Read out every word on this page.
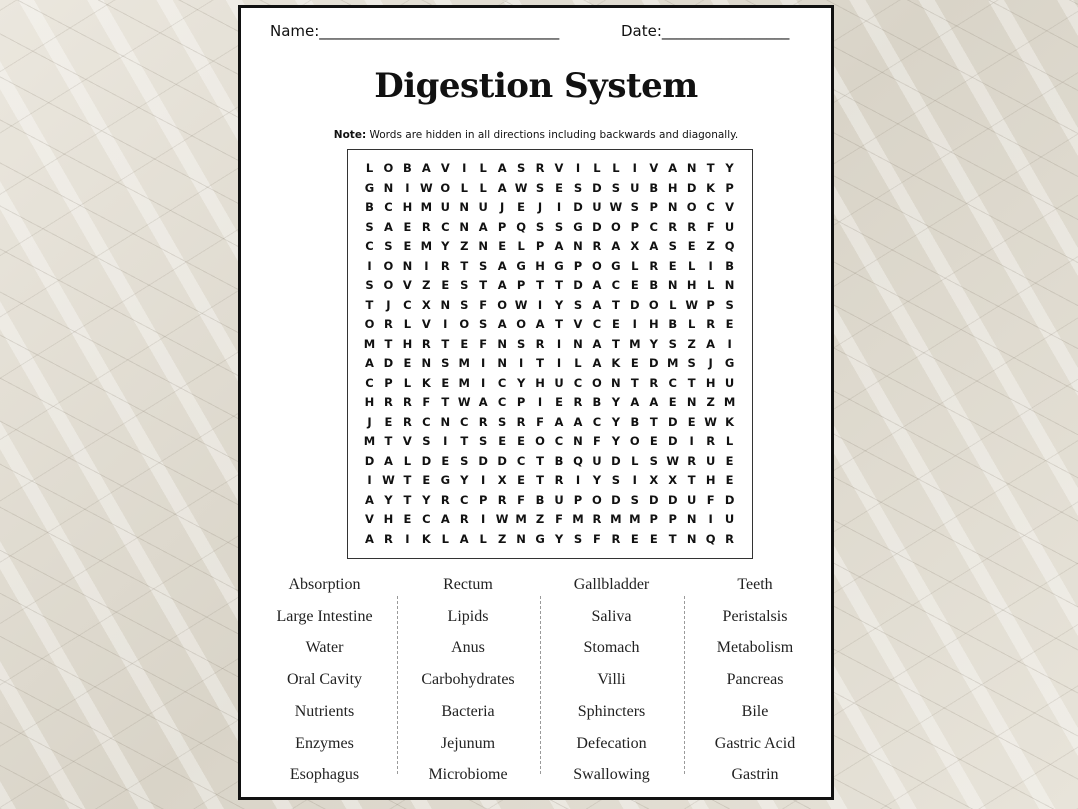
Name:________________________________	Date:_________________
Digestion System
Note: Words are hidden in all directions including backwards and diagonally.
L O B A V	I	L A S R V	I	L	L	I	V A N T Y
G N	I W O L	L A W S E S D S U B H D K P
B C H M U N U	J	E	J	I	D U W S P N O C V
S A E R C N A P Q S S G D O P C R R F U
C S E M Y Z N E L P A N R A X A S E Z Q
I	O N	I	R T S A G H G P O G L R E L	I	B
S O V Z E S T A P T T D A C E B N H L N
T	J	C X N S F O W I	Y S A T D O L W P S
O R L V	I	O S A O A T V C E	I	H B L R E
M T H R T E F N S R	I	N A T M Y S Z A	I
A D E N S M I	N	I	T	I	L A K E D M S	J	G
C P L K E M I	C Y H U C O N T R C T H U
H R R F T W A C P	I	E R B Y A A E N Z M
J	E R C N C R S R F A A C Y B T D E W K
M T V S	I	T S E E O C N F Y O E D	I	R L
D A L D E S D D C T B Q U D L S W R U E
I W T E G Y	I	X E T R	I	Y S	I	X X T H E
A Y T Y R C P R F B U P O D S D D U F D
V H E C A R	I W M Z F M R M M P P N	I	U
A R	I	K L A L Z N G Y S F R E E T N Q R
Absorption
Large Intestine
Water
Oral Cavity
Nutrients
Enzymes
Esophagus
Rectum
Lipids
Anus
Carbohydrates
Bacteria
Jejunum
Microbiome
Gallbladder
Saliva
Stomach
Villi
Sphincters
Defecation
Swallowing
Teeth
Peristalsis
Metabolism
Pancreas
Bile
Gastric Acid
Gastrin
